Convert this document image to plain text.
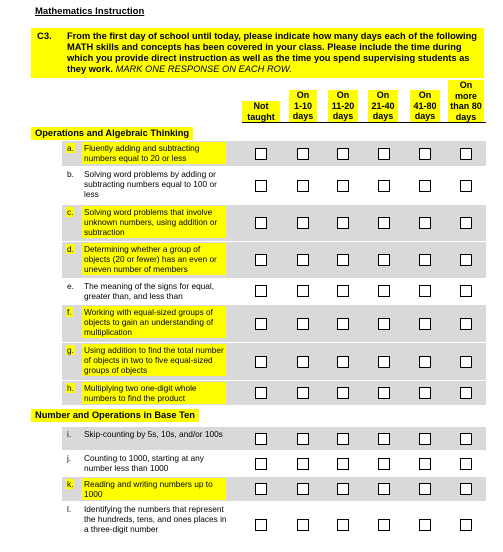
Mathematics Instruction
C3. From the first day of school until today, please indicate how many days each of the following MATH skills and concepts has been covered in your class. Please include the time during which you provide direct instruction as well as the time you spend supervising students as they work. MARK ONE RESPONSE ON EACH ROW.
Not
taught
On
1-10
days
On
11-20
days
On
21-40
days
On
41-80
days
On
more
than 80
days
Operations and Algebraic Thinking
a. Fluently adding and subtracting numbers equal to 20 or less
b. Solving word problems by adding or subtracting numbers equal to 100 or less
c. Solving word problems that involve unknown numbers, using addition or subtraction
d. Determining whether a group of objects (20 or fewer) has an even or uneven number of members
e. The meaning of the signs for equal, greater than, and less than
f. Working with equal-sized groups of objects to gain an understanding of multiplication
g. Using addition to find the total number of objects in two to five equal-sized groups of objects
h. Multiplying two one-digit whole numbers to find the product
Number and Operations in Base Ten
i. Skip-counting by 5s, 10s, and/or 100s
j. Counting to 1000, starting at any number less than 1000
k. Reading and writing numbers up to 1000
l. Identifying the numbers that represent the hundreds, tens, and ones places in a three-digit number
